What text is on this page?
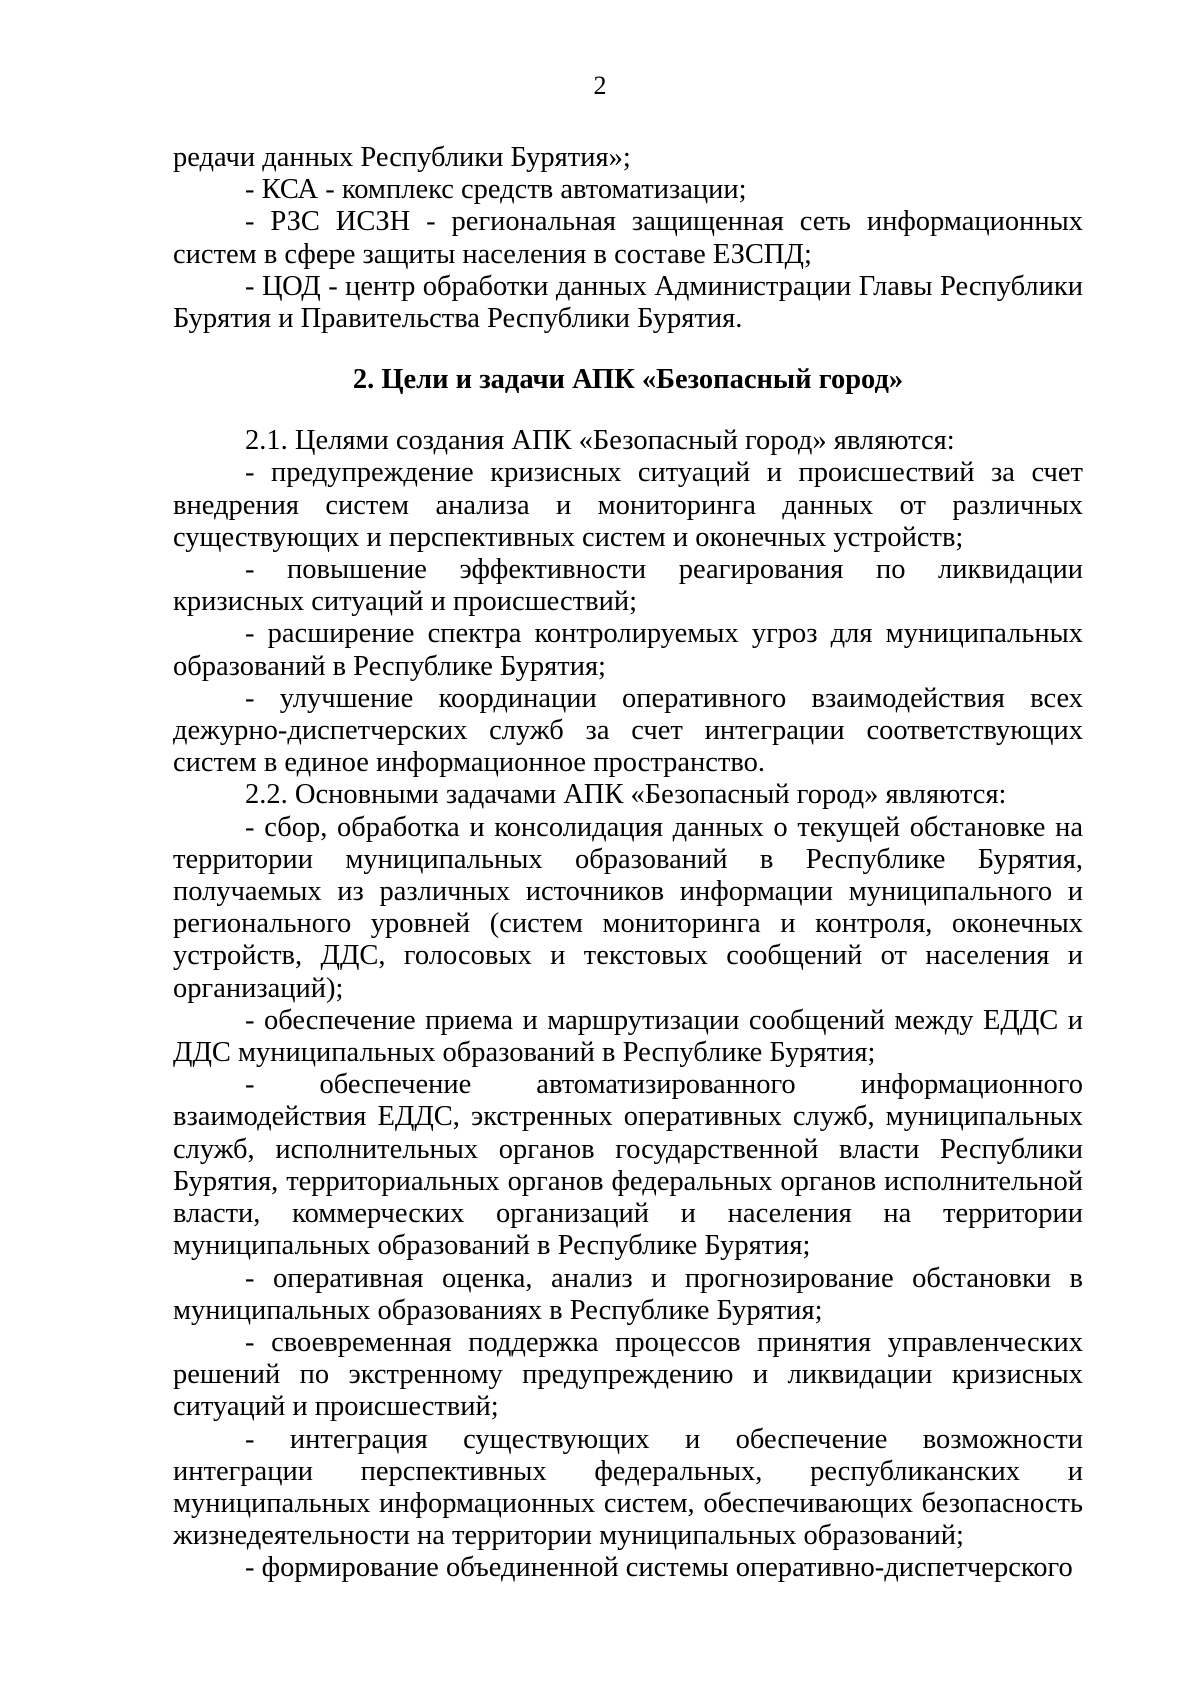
2

редачи данных Республики Бурятия»;

- КСА - комплекс средств автоматизации;

- РЗС ИСЗН - региональная защищенная сеть информационных систем в сфере защиты населения в составе ЕЗСПД;

- ЦОД - центр обработки данных Администрации Главы Республики Бурятия и Правительства Республики Бурятия.

2. Цели и задачи АПК «Безопасный город»

2.1. Целями создания АПК «Безопасный город» являются:

- предупреждение кризисных ситуаций и происшествий за счет внедрения систем анализа и мониторинга данных от различных существующих и перспективных систем и оконечных устройств;

- повышение эффективности реагирования по ликвидации кризисных ситуаций и происшествий;

- расширение спектра контролируемых угроз для муниципальных образований в Республике Бурятия;

- улучшение координации оперативного взаимодействия всех дежурно-диспетчерских служб за счет интеграции соответствующих систем в единое информационное пространство.

2.2. Основными задачами АПК «Безопасный город» являются:

- сбор, обработка и консолидация данных о текущей обстановке на территории муниципальных образований в Республике Бурятия, получаемых из различных источников информации муниципального и регионального уровней (систем мониторинга и контроля, оконечных устройств, ДДС, голосовых и текстовых сообщений от населения и организаций);

- обеспечение приема и маршрутизации сообщений между ЕДДС и ДДС муниципальных образований в Республике Бурятия;

- обеспечение автоматизированного информационного взаимодействия ЕДДС, экстренных оперативных служб, муниципальных служб, исполнительных органов государственной власти Республики Бурятия, территориальных органов федеральных органов исполнительной власти, коммерческих организаций и населения на территории муниципальных образований в Республике Бурятия;

- оперативная оценка, анализ и прогнозирование обстановки в муниципальных образованиях в Республике Бурятия;

- своевременная поддержка процессов принятия управленческих решений по экстренному предупреждению и ликвидации кризисных ситуаций и происшествий;

- интеграция существующих и обеспечение возможности интеграции перспективных федеральных, республиканских и муниципальных информационных систем, обеспечивающих безопасность жизнедеятельности на территории муниципальных образований;

- формирование объединенной системы оперативно-диспетчерского
